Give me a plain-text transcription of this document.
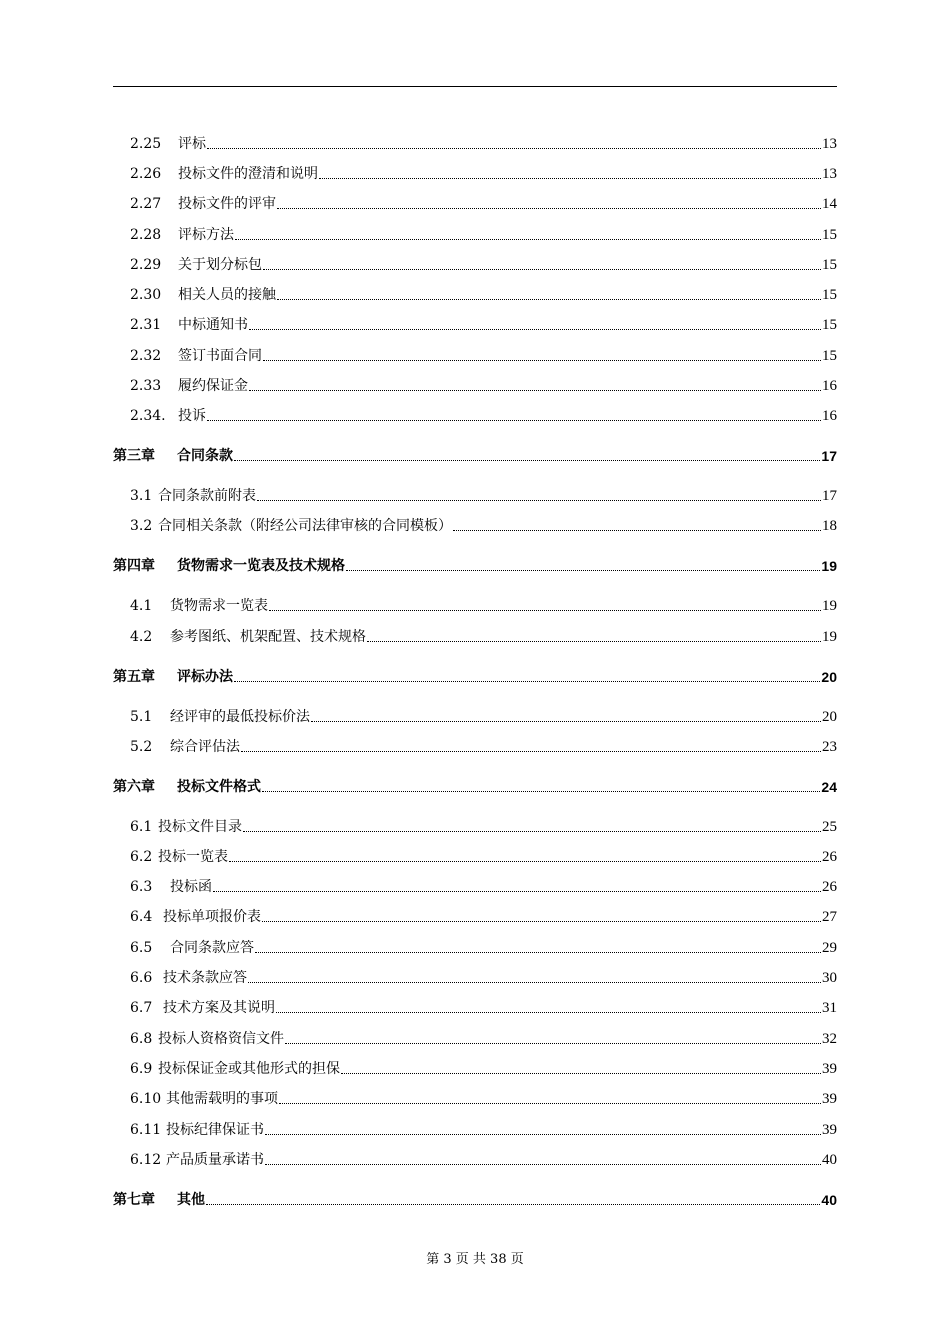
2.25 评标	13
2.26 投标文件的澄清和说明	13
2.27 投标文件的评审	14
2.28 评标方法	15
2.29 关于划分标包	15
2.30 相关人员的接触	15
2.31 中标通知书	15
2.32 签订书面合同	15
2.33 履约保证金	16
2.34. 投诉	16
第三章 合同条款	17
3.1 合同条款前附表	17
3.2 合同相关条款（附经公司法律审核的合同模板）	18
第四章 货物需求一览表及技术规格	19
4.1 货物需求一览表	19
4.2 参考图纸、机架配置、技术规格	19
第五章 评标办法	20
5.1 经评审的最低投标价法	20
5.2 综合评估法	23
第六章 投标文件格式	24
6.1 投标文件目录	25
6.2 投标一览表	26
6.3 投标函	26
6.4 投标单项报价表	27
6.5 合同条款应答	29
6.6 技术条款应答	30
6.7 技术方案及其说明	31
6.8 投标人资格资信文件	32
6.9 投标保证金或其他形式的担保	39
6.10 其他需载明的事项	39
6.11 投标纪律保证书	39
6.12 产品质量承诺书	40
第七章 其他	40
第 3 页 共 38 页
